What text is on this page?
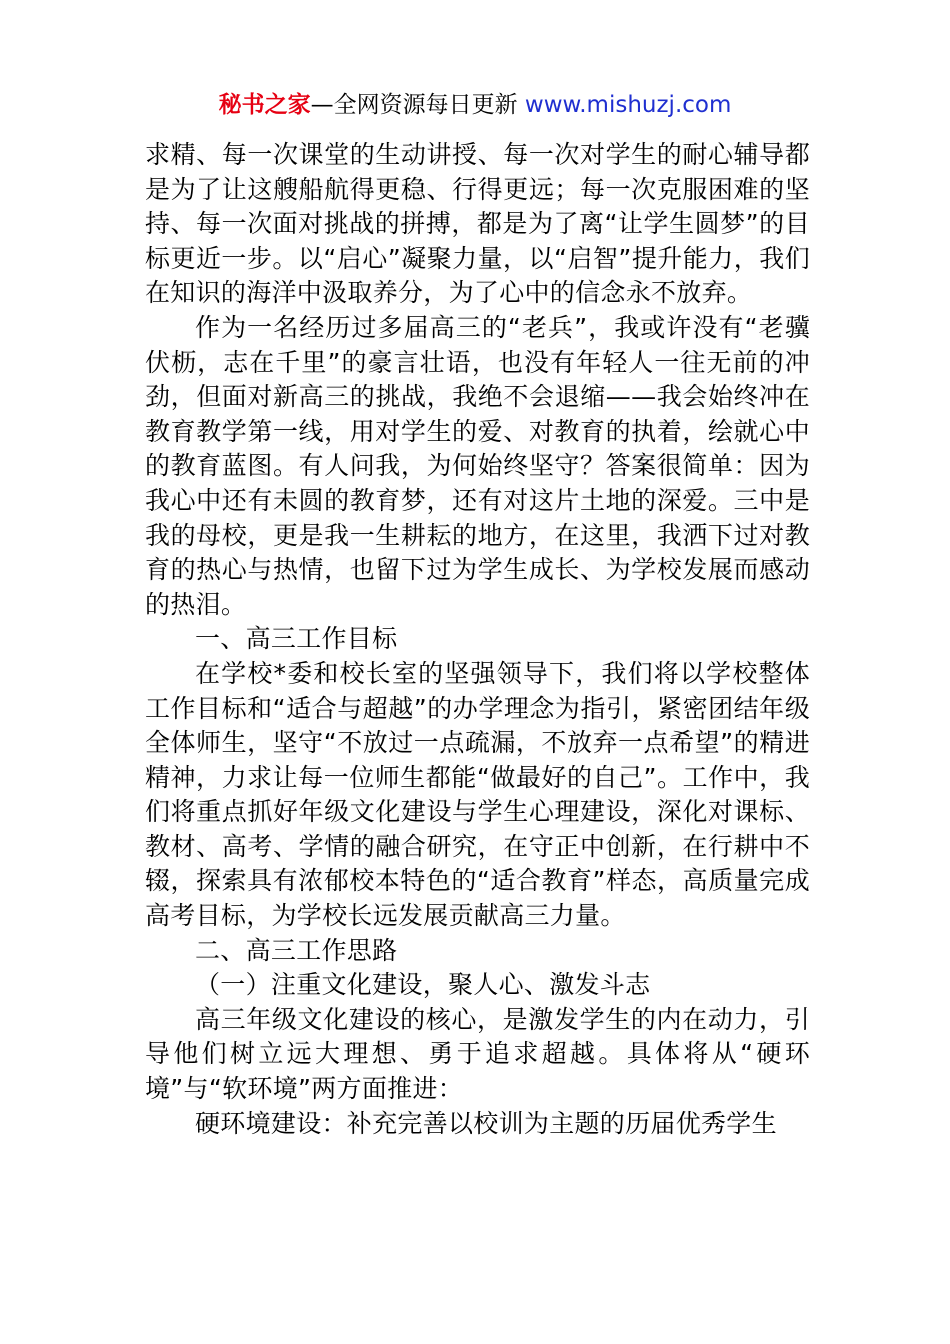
秘书之家—全网资源每日更新 www.mishuzj.com

求精、每一次课堂的生动讲授、每一次对学生的耐心辅导都是为了让这艘船航得更稳、行得更远；每一次克服困难的坚持、每一次面对挑战的拼搏，都是为了离“让学生圆梦”的目标更近一步。以“启心”凝聚力量，以“启智”提升能力，我们在知识的海洋中汲取养分，为了心中的信念永不放弃。

作为一名经历过多届高三的“老兵”，我或许没有“老骥伏枥，志在千里”的豪言壮语，也没有年轻人一往无前的冲劲，但面对新高三的挑战，我绝不会退缩——我会始终冲在教育教学第一线，用对学生的爱、对教育的执着，绘就心中的教育蓝图。有人问我，为何始终坚守？答案很简单：因为我心中还有未圆的教育梦，还有对这片土地的深爱。三中是我的母校，更是我一生耕耘的地方，在这里，我洒下过对教育的热心与热情，也留下过为学生成长、为学校发展而感动的热泪。

一、高三工作目标

在学校*委和校长室的坚强领导下，我们将以学校整体工作目标和“适合与超越”的办学理念为指引，紧密团结年级全体师生，坚守“不放过一点疏漏，不放弃一点希望”的精进精神，力求让每一位师生都能“做最好的自己”。工作中，我们将重点抓好年级文化建设与学生心理建设，深化对课标、教材、高考、学情的融合研究，在守正中创新，在行耕中不辍，探索具有浓郁校本特色的“适合教育”样态，高质量完成高考目标，为学校长远发展贡献高三力量。

二、高三工作思路

（一）注重文化建设，聚人心、激发斗志

高三年级文化建设的核心，是激发学生的内在动力，引导他们树立远大理想、勇于追求超越。具体将从“硬环境”与“软环境”两方面推进：

硬环境建设：补充完善以校训为主题的历届优秀学生
